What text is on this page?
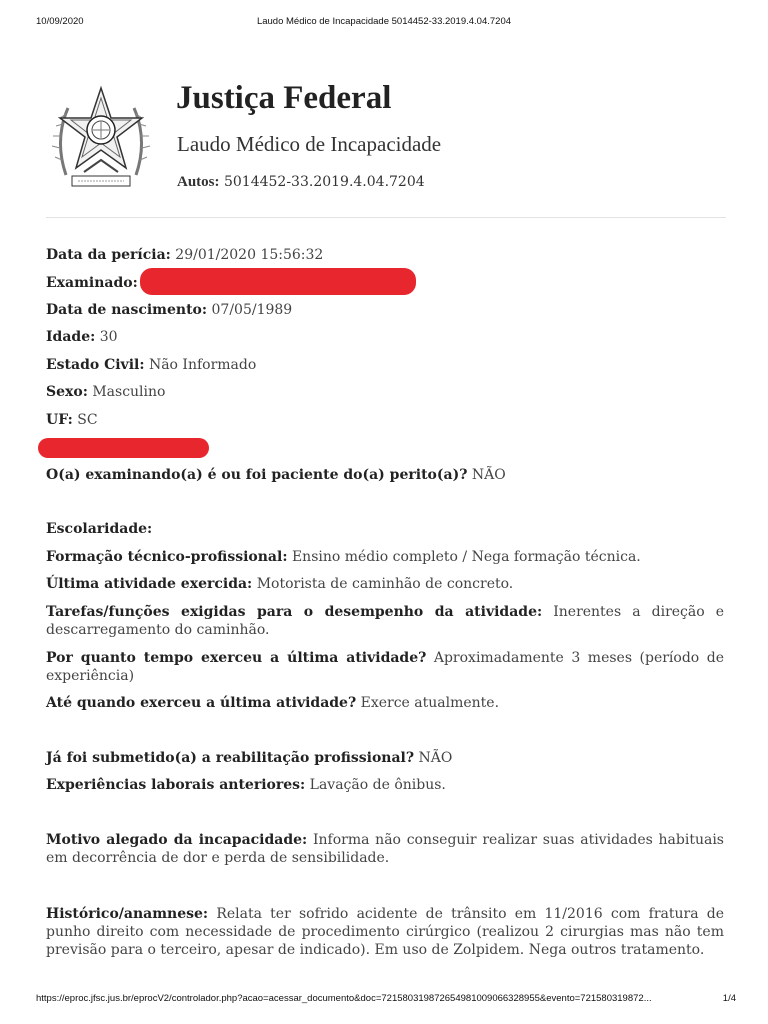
10/09/2020	Laudo Médico de Incapacidade 5014452-33.2019.4.04.7204
Justiça Federal
Laudo Médico de Incapacidade
Autos: 5014452-33.2019.4.04.7204
Data da perícia: 29/01/2020 15:56:32
Examinado:
Data de nascimento: 07/05/1989
Idade: 30
Estado Civil: Não Informado
Sexo: Masculino
UF: SC
O(a) examinando(a) é ou foi paciente do(a) perito(a)? NÃO
Escolaridade:
Formação técnico-profissional: Ensino médio completo / Nega formação técnica.
Última atividade exercida: Motorista de caminhão de concreto.
Tarefas/funções exigidas para o desempenho da atividade: Inerentes a direção e descarregamento do caminhão.
Por quanto tempo exerceu a última atividade? Aproximadamente 3 meses (período de experiência)
Até quando exerceu a última atividade? Exerce atualmente.
Já foi submetido(a) a reabilitação profissional? NÃO
Experiências laborais anteriores: Lavação de ônibus.
Motivo alegado da incapacidade: Informa não conseguir realizar suas atividades habituais em decorrência de dor e perda de sensibilidade.
Histórico/anamnese: Relata ter sofrido acidente de trânsito em 11/2016 com fratura de punho direito com necessidade de procedimento cirúrgico (realizou 2 cirurgias mas não tem previsão para o terceiro, apesar de indicado). Em uso de Zolpidem. Nega outros tratamento.
https://eproc.jfsc.jus.br/eprocV2/controlador.php?acao=acessar_documento&doc=721580319872654981009066328955&evento=721580319872...	1/4
